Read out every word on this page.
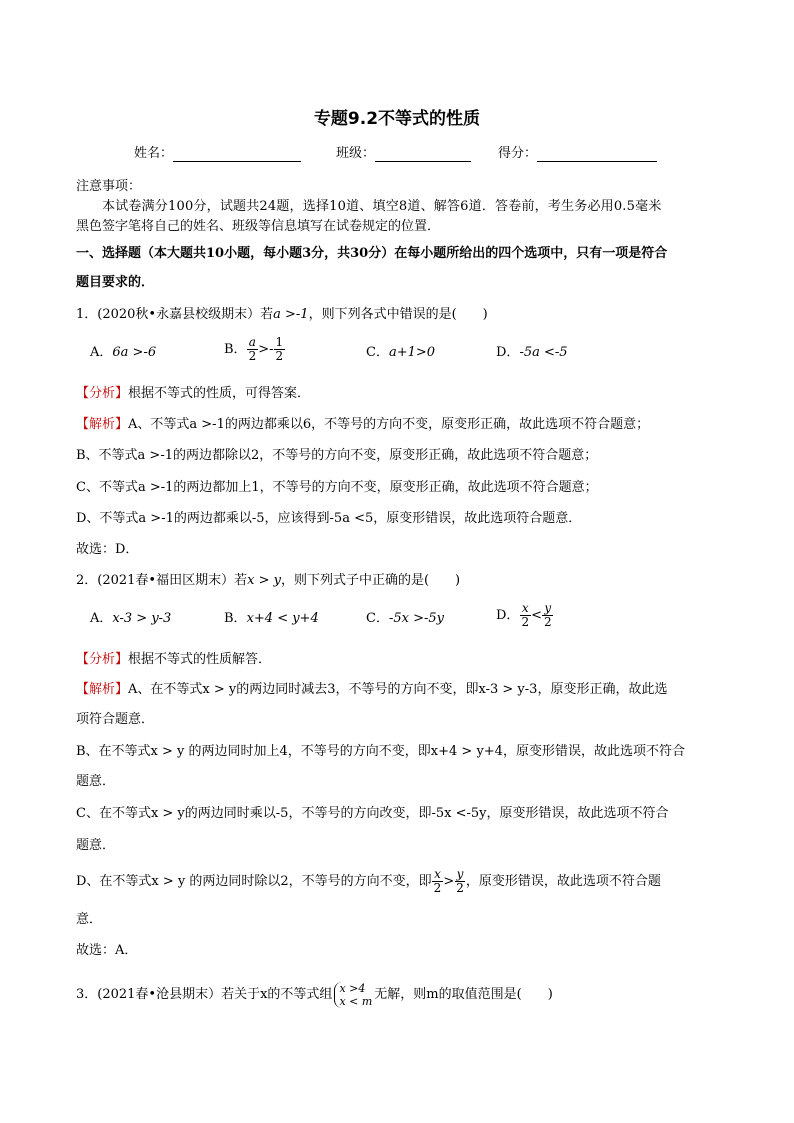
专题9.2不等式的性质
姓名：	班级：	得分：
注意事项：
本试卷满分100分，试题共24题，选择10道、填空8道、解答6道．答卷前，考生务必用0.5毫米
黑色签字笔将自己的姓名、班级等信息填写在试卷规定的位置．
一、选择题（本大题共10小题，每小题3分，共30分）在每小题所给出的四个选项中，只有一项是符合
题目要求的．
1．(2020秋•永嘉县校级期末）若a >-1，则下列各式中错误的是(　　)
A．6a >-6	B． $\frac{a}{2} >- \frac{1}{2}$	C．a+1>0	D．-5a <-5
【分析】根据不等式的性质，可得答案．
【解析】A、不等式a >-1的两边都乘以6，不等号的方向不变，原变形正确，故此选项不符合题意；
B、不等式a >-1的两边都除以2，不等号的方向不变，原变形正确，故此选项不符合题意；
C、不等式a >-1的两边都加上1，不等号的方向不变，原变形正确，故此选项不符合题意；
D、不等式a >-1的两边都乘以-5，应该得到-5a <5，原变形错误，故此选项符合题意．
故选：D．
2．(2021春•福田区期末）若x > y，则下列式子中正确的是(　　)
A．x-3 > y-3	B．x+4 < y+4	C．-5x >-5y	D． $\frac{x}{2} < \frac{y}{2}$
【分析】根据不等式的性质解答．
【解析】A、在不等式x > y的两边同时减去3，不等号的方向不变，即x-3 > y-3，原变形正确，故此选
项符合题意．
B、在不等式x > y 的两边同时加上4，不等号的方向不变，即x+4 > y+4，原变形错误，故此选项不符合
题意．
C、在不等式x > y的两边同时乘以-5，不等号的方向改变，即-5x <-5y，原变形错误，故此选项不符合
题意．
D、在不等式x > y 的两边同时除以2，不等号的方向不变，即 $\frac{x}{2} > \frac{y}{2}$ ，原变形错误，故此选项不符合题
意．
故选：A．
3．(2021春•沧县期末）若关于x的不等式组 x >4
x < m 无解，则m的取值范围是(　　)
